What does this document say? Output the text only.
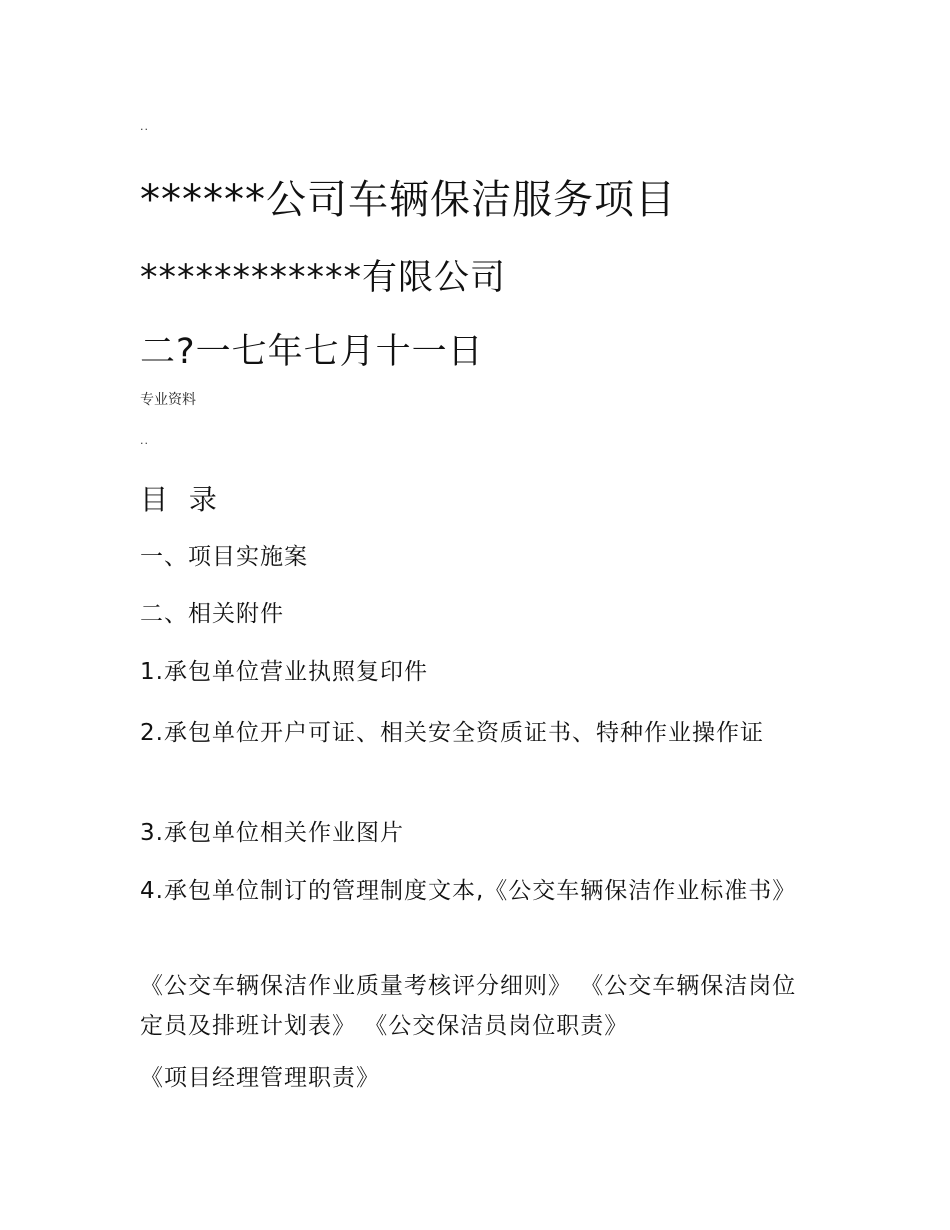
..
******公司车辆保洁服务项目
************有限公司
二?一七年七月十一日
专业资料
..
目 录
一、项目实施案
二、相关附件
1.承包单位营业执照复印件
2.承包单位开户可证、相关安全资质证书、特种作业操作证
3.承包单位相关作业图片
4.承包单位制订的管理制度文本,《公交车辆保洁作业标准书》
《公交车辆保洁作业质量考核评分细则》 《公交车辆保洁岗位定员及排班计划表》 《公交保洁员岗位职责》
《项目经理管理职责》
